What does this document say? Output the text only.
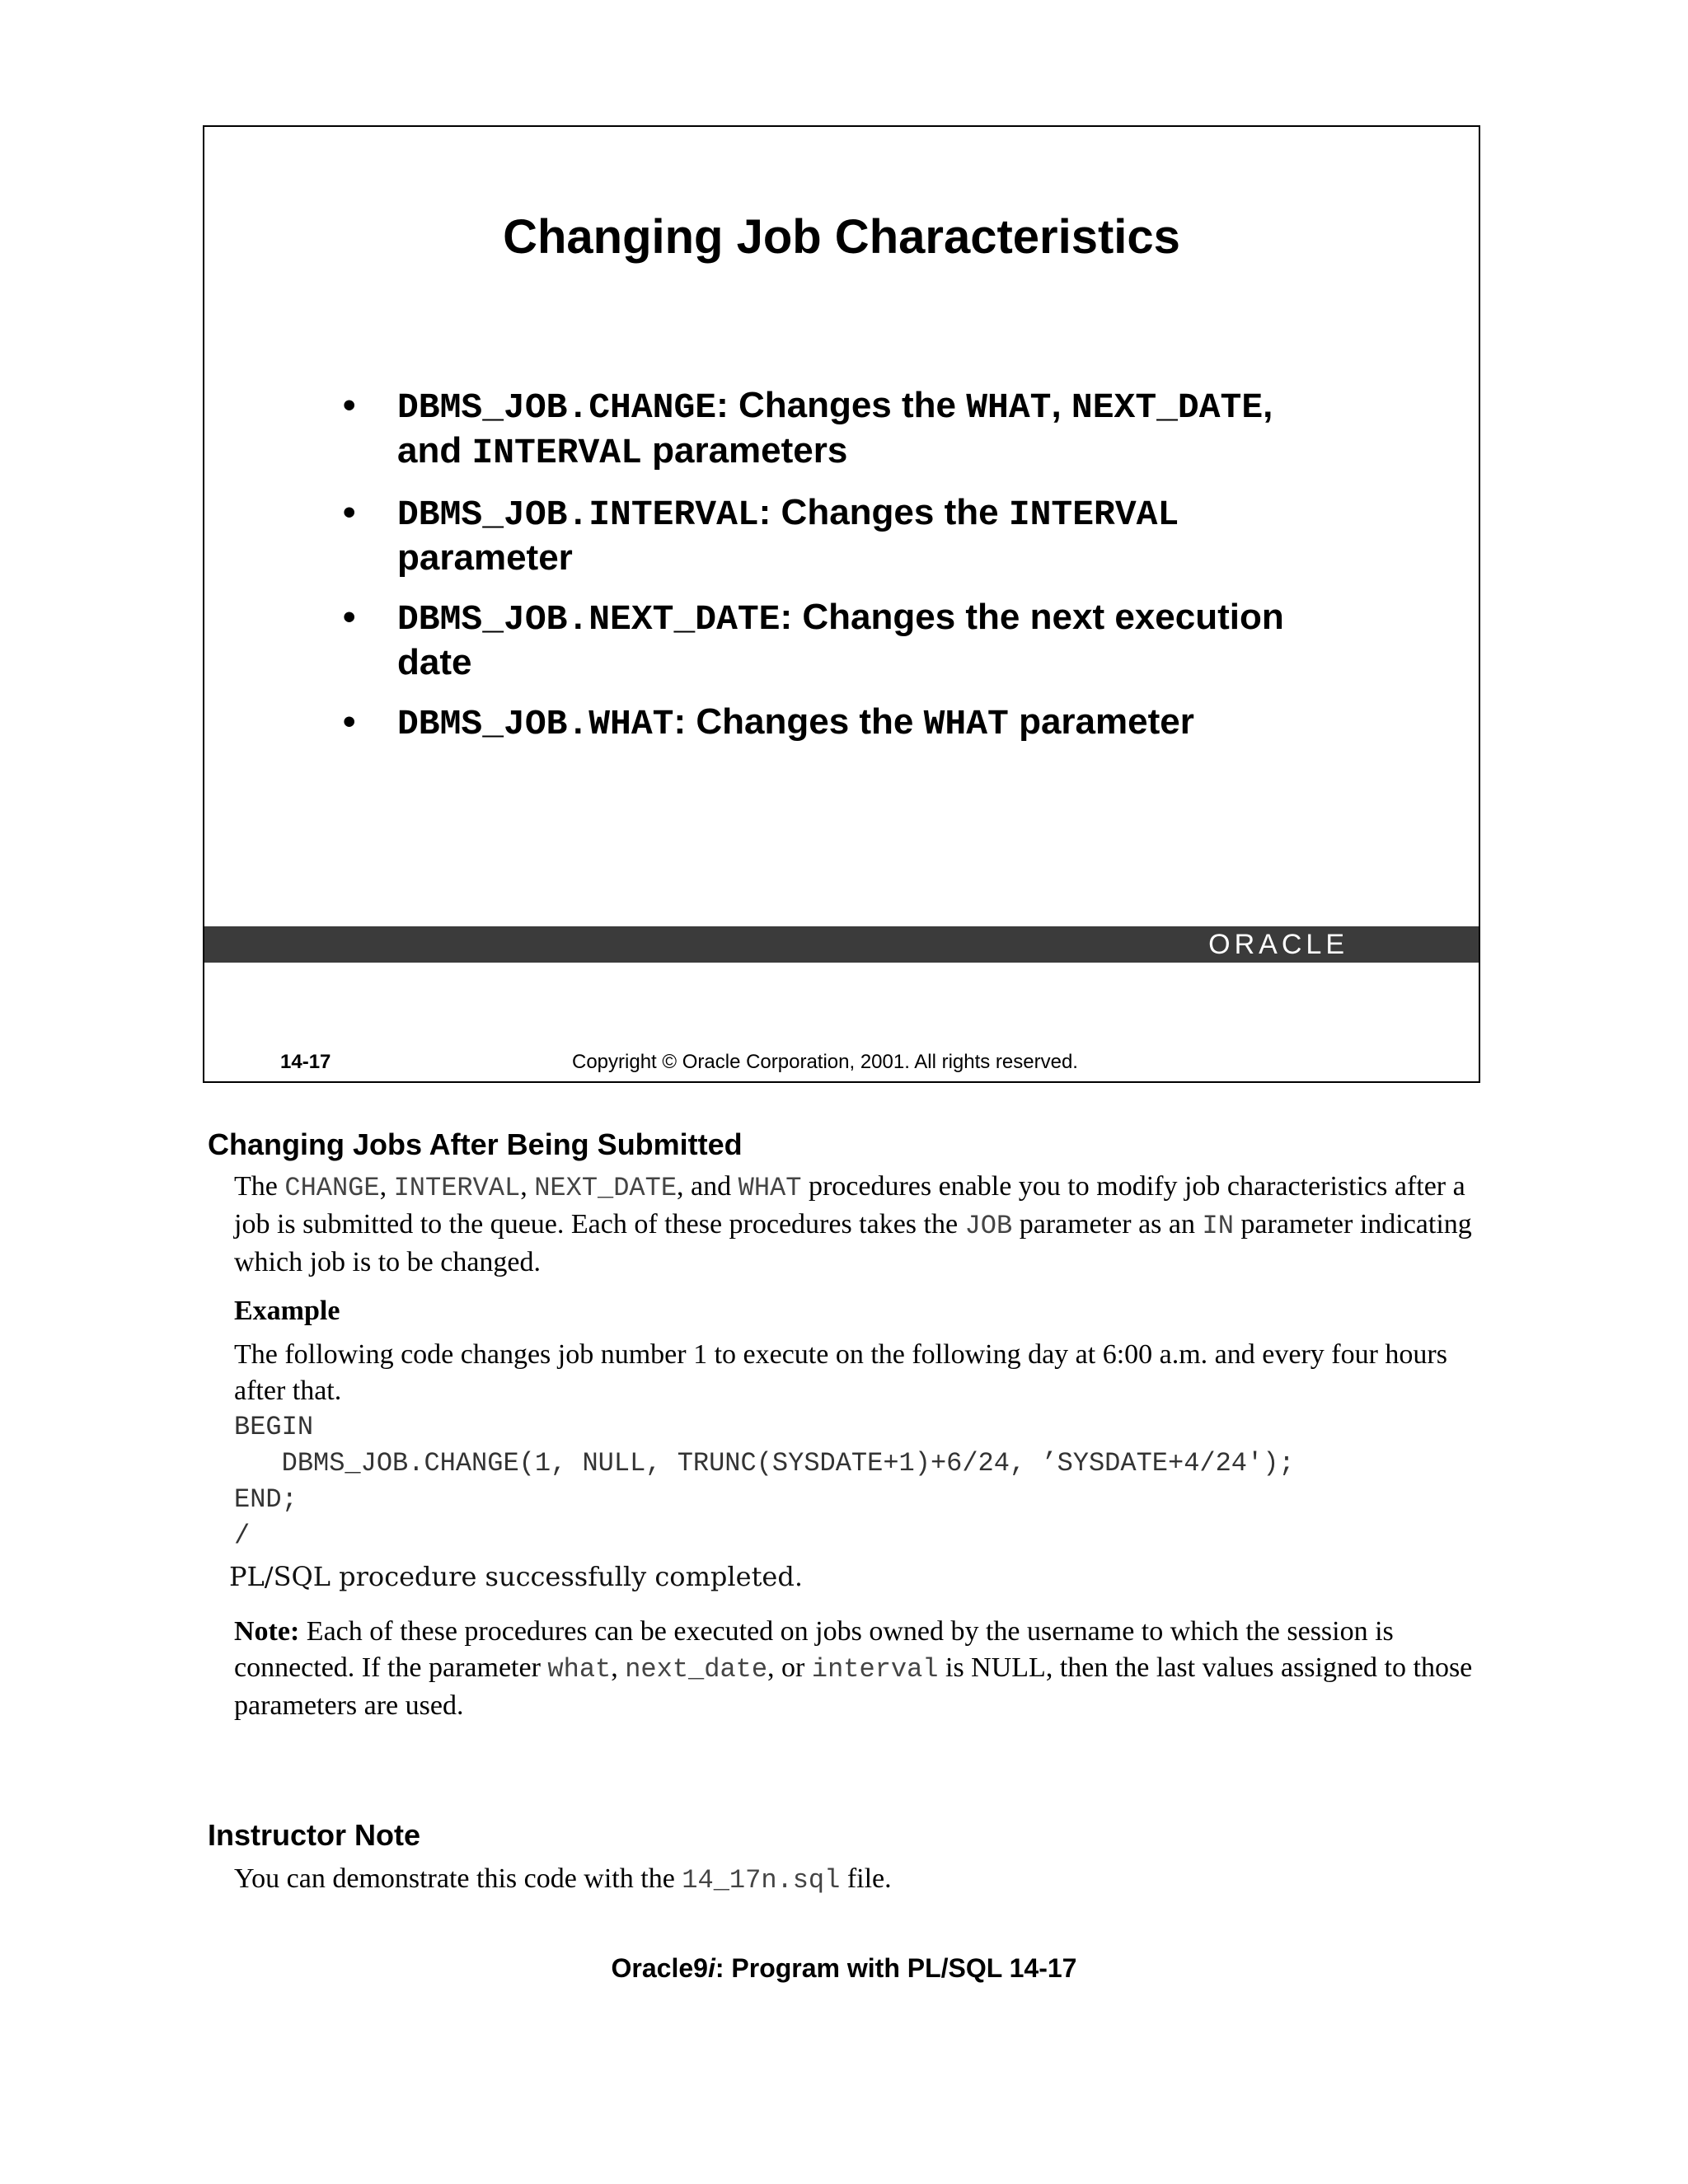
Changing Job Characteristics
• DBMS_JOB.CHANGE: Changes the WHAT, NEXT_DATE,
and INTERVAL parameters
• DBMS_JOB.INTERVAL: Changes the INTERVAL
parameter
• DBMS_JOB.NEXT_DATE: Changes the next execution
date
• DBMS_JOB.WHAT: Changes the WHAT parameter
ORACLE
14-17	Copyright © Oracle Corporation, 2001. All rights reserved.
Changing Jobs After Being Submitted
The CHANGE, INTERVAL, NEXT_DATE, and WHAT procedures enable you to modify job characteristics after a job is submitted to the queue. Each of these procedures takes the JOB parameter as an IN parameter indicating which job is to be changed.
Example
The following code changes job number 1 to execute on the following day at 6:00 a.m. and every four hours after that.
BEGIN
DBMS_JOB.CHANGE(1, NULL, TRUNC(SYSDATE+1)+6/24, ’SYSDATE+4/24');
END;
/
PL/SQL procedure successfully completed.
Note: Each of these procedures can be executed on jobs owned by the username to which the session is connected. If the parameter what, next_date, or interval is NULL, then the last values assigned to those parameters are used.
Instructor Note
You can demonstrate this code with the 14_17n.sql file.
Oracle9i: Program with PL/SQL 14-17
